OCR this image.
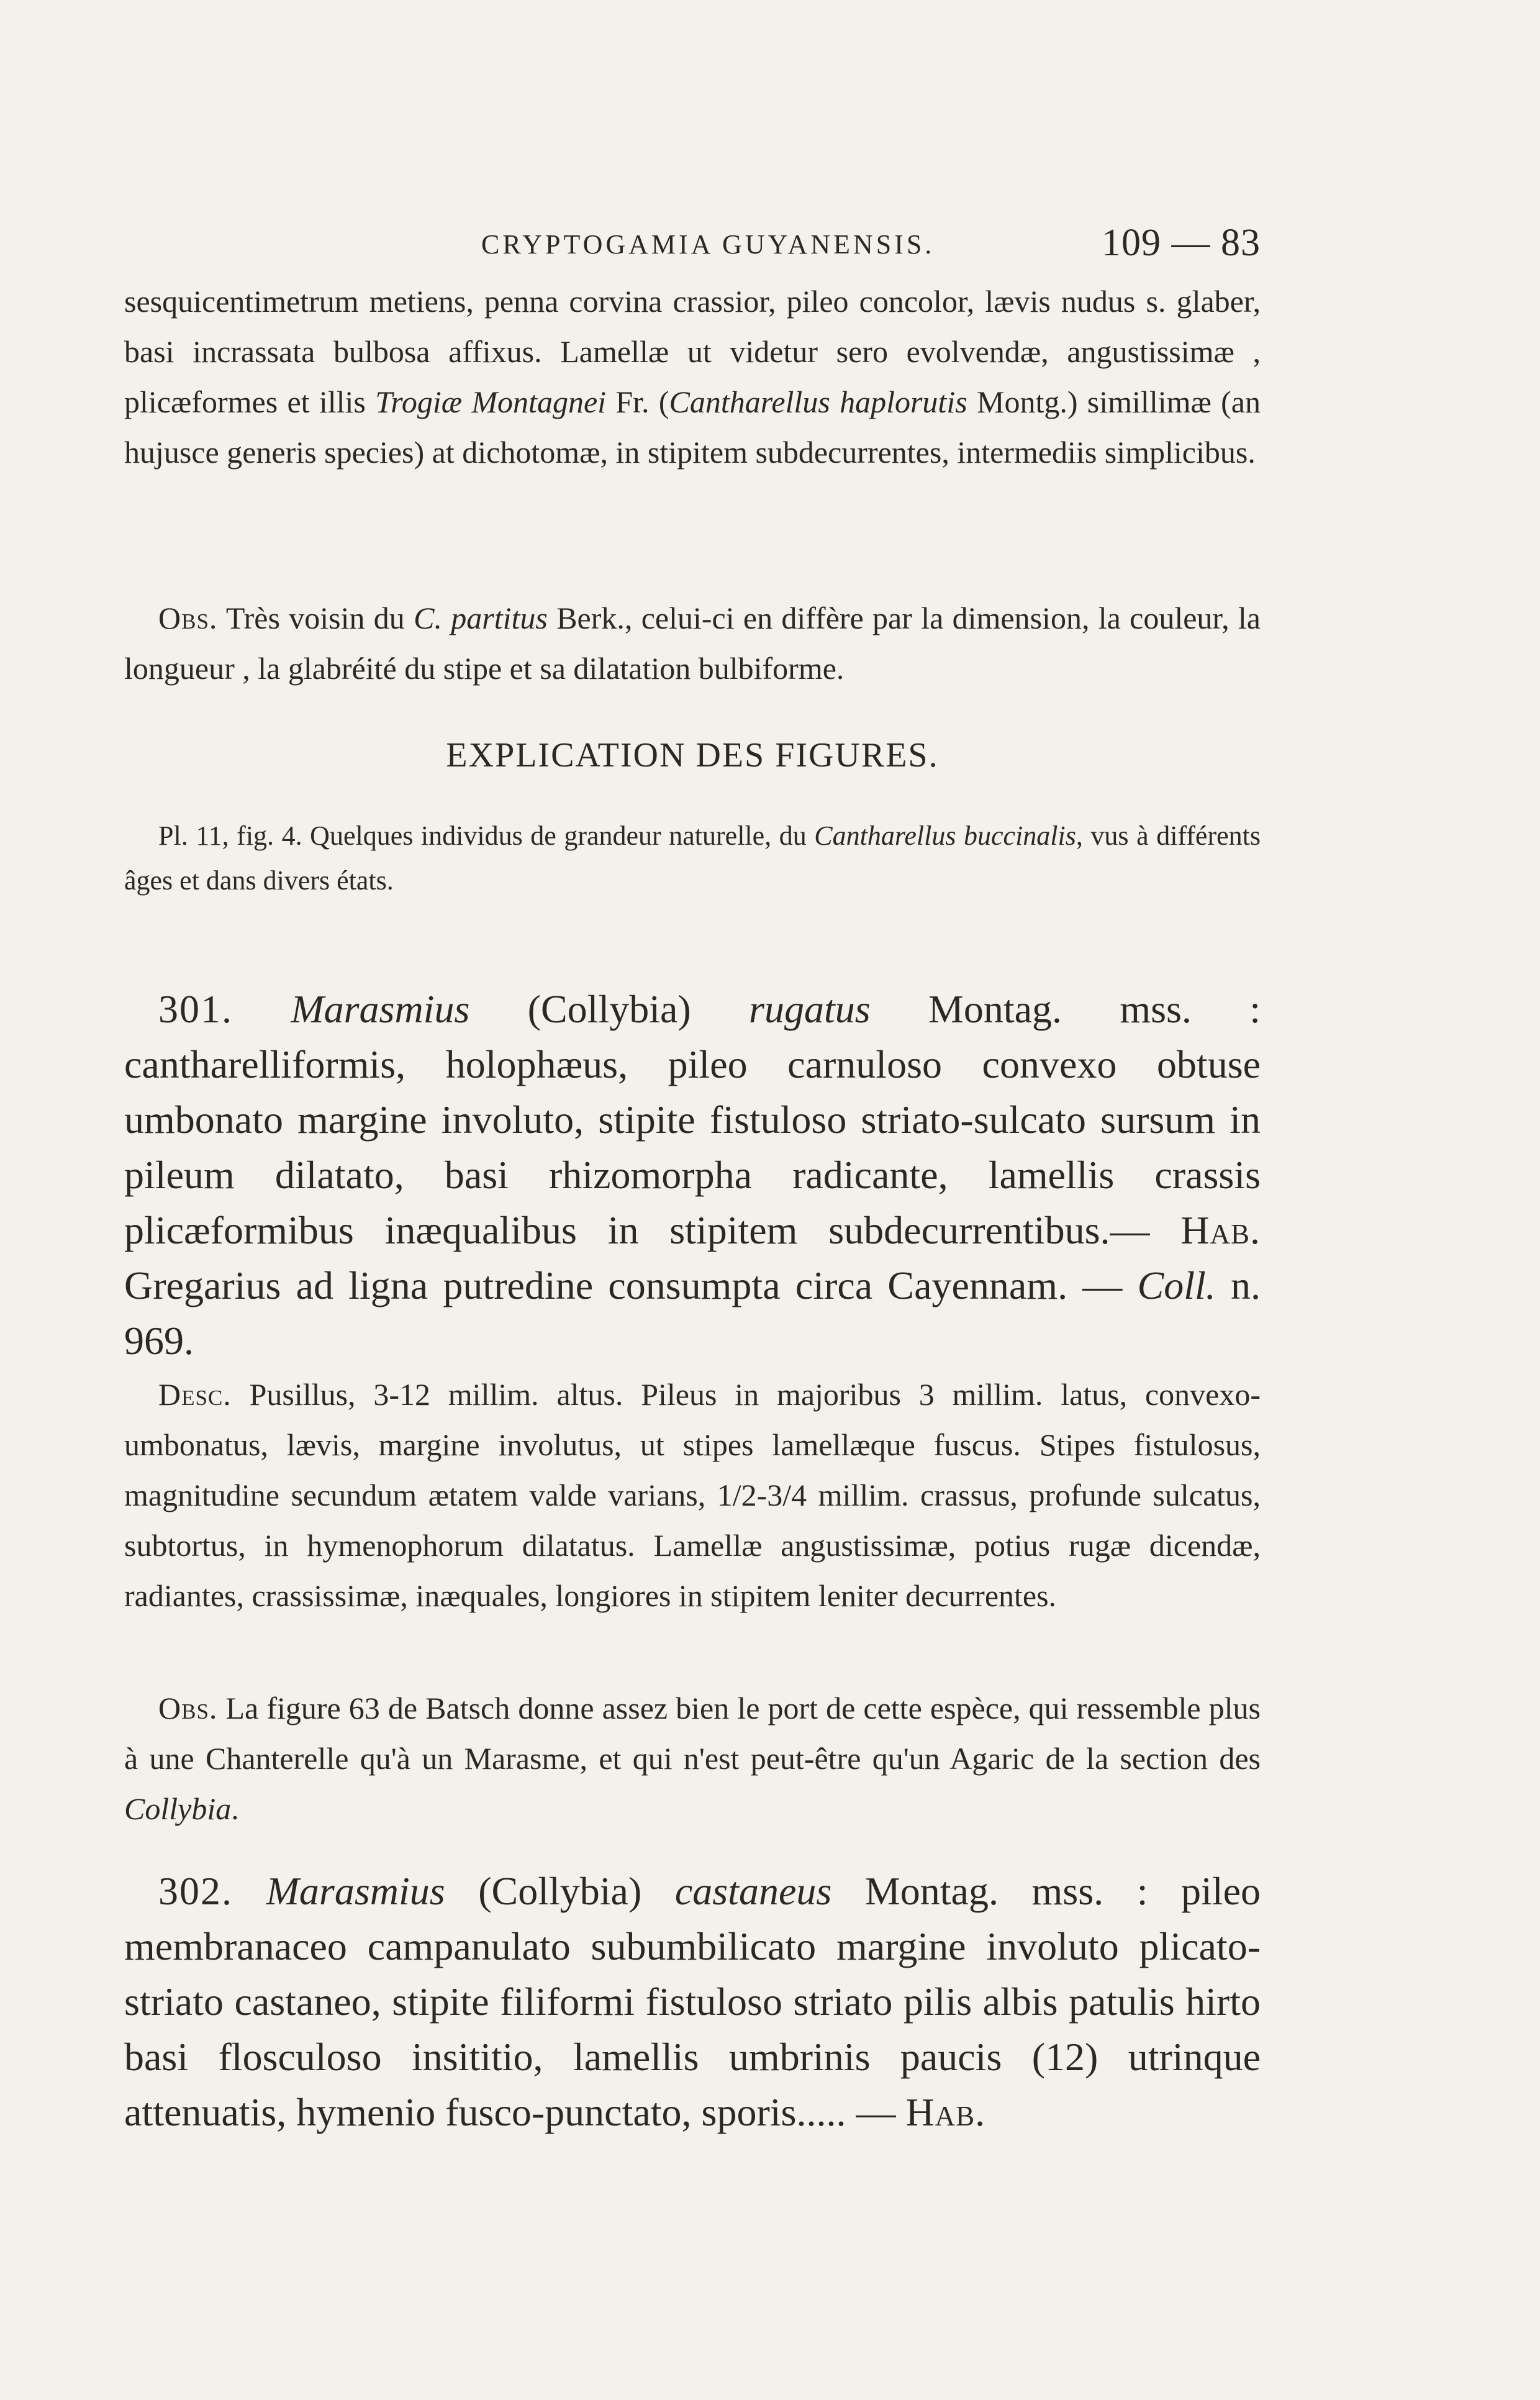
CRYPTOGAMIA GUYANENSIS.	109 — 83

sesquicentimetrum metiens, penna corvina crassior, pileo concolor, lævis nudus s. glaber, basi incrassata bulbosa affixus. Lamellæ ut videtur sero evolvendæ, angustissimæ , plicæformes et illis Trogiæ Montagnei Fr. (Cantharellus haplorutis Montg.) simillimæ (an hujusce generis species) at dichotomæ, in stipitem subdecurrentes, intermediis simplicibus.

Obs. Très voisin du C. partitus Berk., celui-ci en diffère par la dimension, la couleur, la longueur , la glabréité du stipe et sa dilatation bulbiforme.

EXPLICATION DES FIGURES.

Pl. 11, fig. 4. Quelques individus de grandeur naturelle, du Cantharellus buccinalis, vus à différents âges et dans divers états.

301. Marasmius (Collybia) rugatus Montag. mss. : cantharelliformis, holophæus, pileo carnuloso convexo obtuse umbonato margine involuto, stipite fistuloso striato-sulcato sursum in pileum dilatato, basi rhizomorpha radicante, lamellis crassis plicæformibus inæqualibus in stipitem subdecurrentibus.— Hab. Gregarius ad ligna putredine consumpta circa Cayennam. — Coll. n. 969.

Desc. Pusillus, 3-12 millim. altus. Pileus in majoribus 3 millim. latus, convexo-umbonatus, lævis, margine involutus, ut stipes lamellæque fuscus. Stipes fistulosus, magnitudine secundum ætatem valde varians, 1/2-3/4 millim. crassus, profunde sulcatus, subtortus, in hymenophorum dilatatus. Lamellæ angustissimæ, potius rugæ dicendæ, radiantes, crassissimæ, inæquales, longiores in stipitem leniter decurrentes.

Obs. La figure 63 de Batsch donne assez bien le port de cette espèce, qui ressemble plus à une Chanterelle qu'à un Marasme, et qui n'est peut-être qu'un Agaric de la section des Collybia.

302. Marasmius (Collybia) castaneus Montag. mss. : pileo membranaceo campanulato subumbilicato margine involuto plicato-striato castaneo, stipite filiformi fistuloso striato pilis albis patulis hirto basi flosculoso insititio, lamellis umbrinis paucis (12) utrinque attenuatis, hymenio fusco-punctato, sporis..... — Hab.
